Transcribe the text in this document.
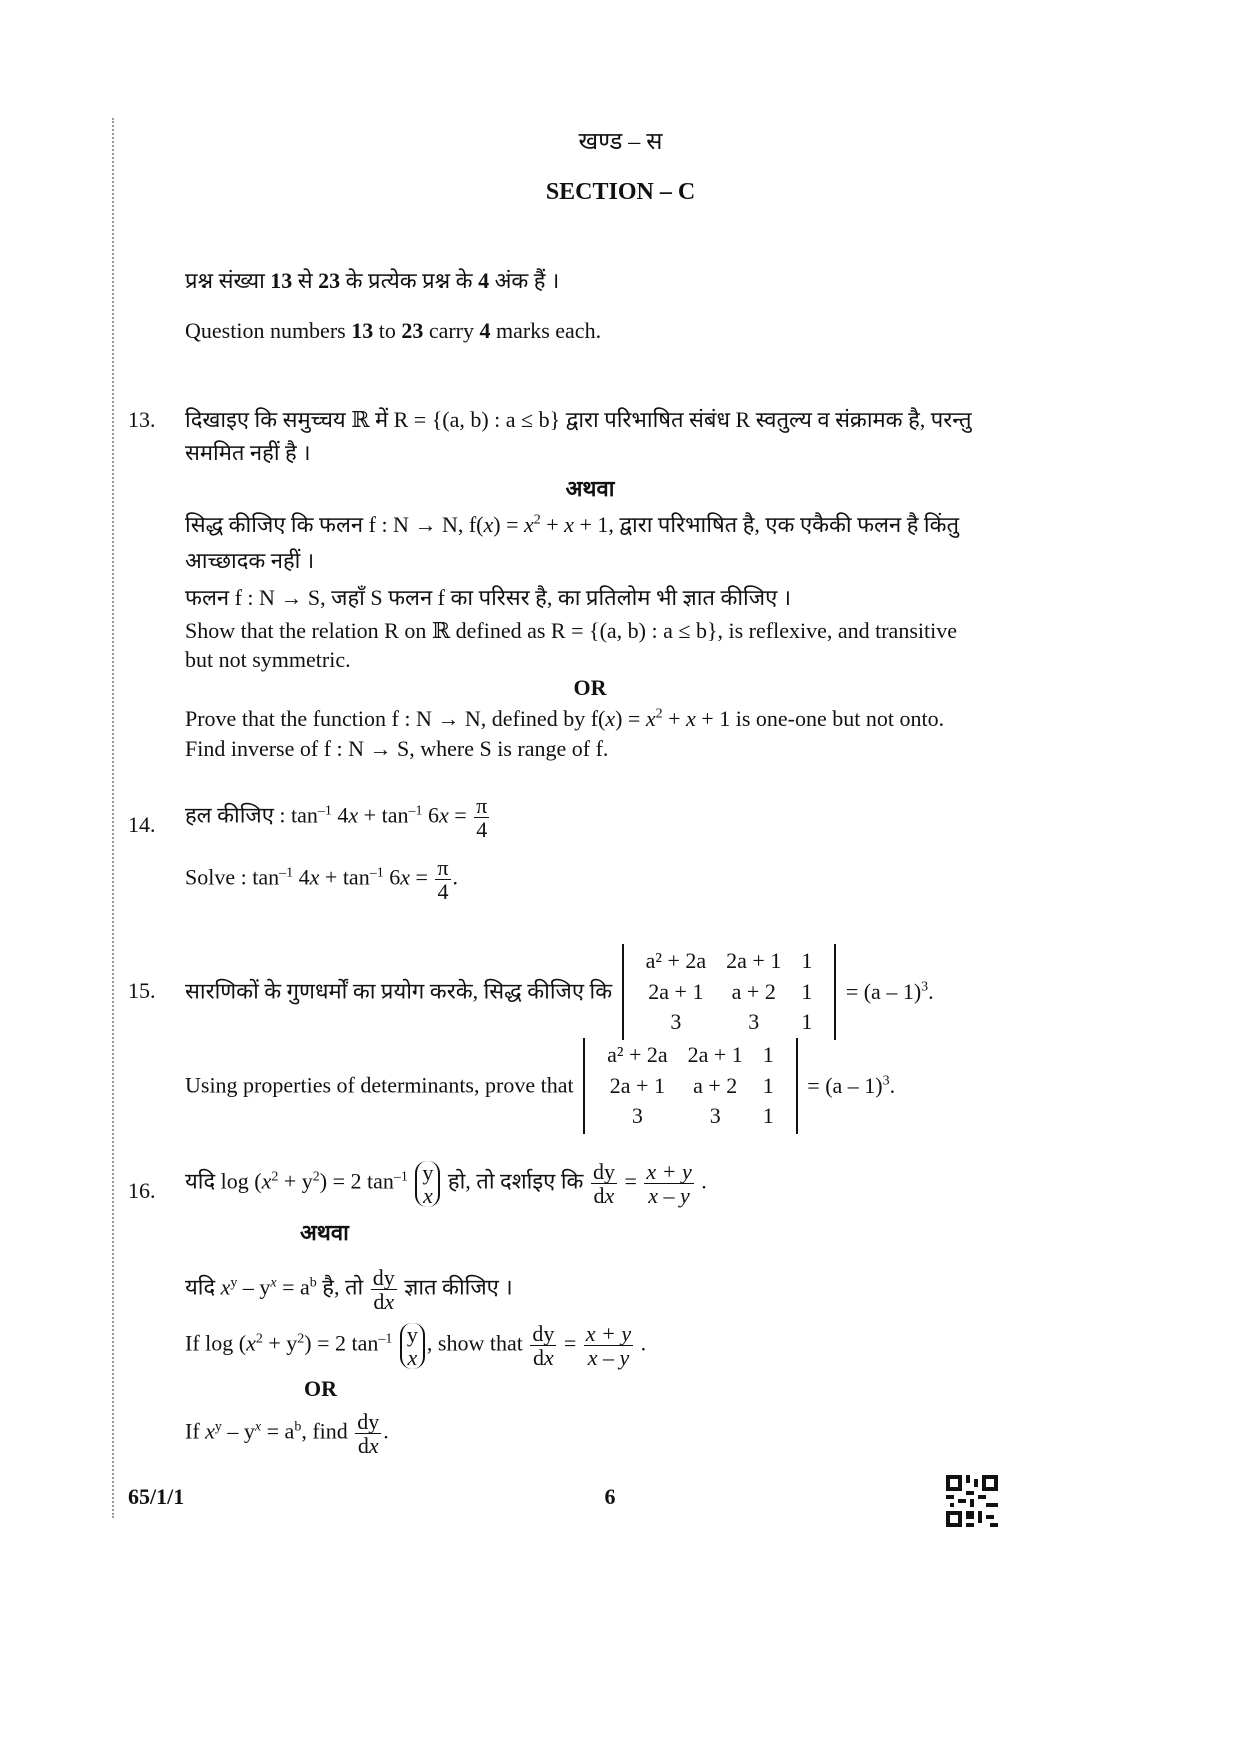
खण्ड – स
SECTION – C
प्रश्न संख्या 13 से 23 के प्रत्येक प्रश्न के 4 अंक हैं ।
Question numbers 13 to 23 carry 4 marks each.
13. दिखाइए कि समुच्चय ℝ में R = {(a, b) : a ≤ b} द्वारा परिभाषित संबंध R स्वतुल्य व संक्रामक है, परन्तु
सममित नहीं है ।
अथवा
सिद्ध कीजिए कि फलन f : N → N, $f(x) = x^2 + x + 1$, द्वारा परिभाषित है, एक एकैकी फलन है किंतु
आच्छादक नहीं ।
फलन f : N → S, जहाँ S फलन f का परिसर है, का प्रतिलोम भी ज्ञात कीजिए ।
Show that the relation R on ℝ defined as R = {(a, b) : a ≤ b}, is reflexive, and transitive
but not symmetric.
OR
Prove that the function f : N → N, defined by $f(x) = x^2 + x + 1$ is one-one but not onto.
Find inverse of f : N → S, where S is range of f.
14. हल कीजिए : $\tan^{-1} 4x + \tan^{-1} 6x = \frac{\pi}{4}$
Solve : $\tan^{-1} 4x + \tan^{-1} 6x = \frac{\pi}{4}$ .
15. सारणिकों के गुणधर्मों का प्रयोग करके, सिद्ध कीजिए कि
a² + 2a	2a + 1	1
2a + 1	a + 2	1
3	3	1
= (a – 1)$^3$.
Using properties of determinants, prove that
a² + 2a	2a + 1	1
2a + 1	a + 2	1
3	3	1
= (a – 1)$^3$.
16. यदि $\log (x^2 + y^2) = 2$ $\tan^{-1} y$
x
हो, तो दर्शाइए कि $\frac{dy}{dx} = \frac{x + y}{x - y}$ .
अथवा
यदि $x^y - y^x = a^b$ है, तो $\frac{dy}{dx}$ ज्ञात कीजिए ।
If $\log (x^2 + y^2) = 2$ $\tan^{-1} y$
x
, show that $\frac{dy}{dx} = \frac{x + y}{x - y}$ .
OR
If $x^y - y^x = a^b$, find $\frac{dy}{dx}$ .
65/1/1	6
